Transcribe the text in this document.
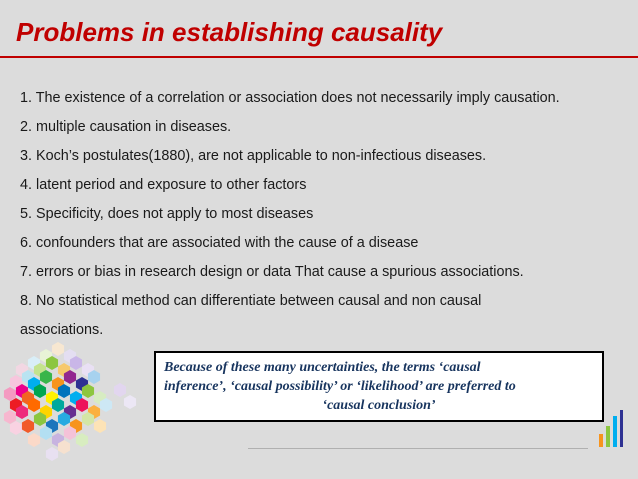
Problems in establishing causality
1. The existence of a correlation or association does not necessarily imply causation.
2. multiple causation in diseases.
3. Koch’s postulates(1880), are not applicable to non-infectious diseases.
4. latent period and exposure to other factors
5. Specificity, does not apply to most diseases
6. confounders that are associated with the cause of a disease
7. errors or bias in research design or data That cause a spurious associations.
8. No statistical method can differentiate between causal and non causal
associations.
Because of these many uncertainties, the terms ‘causal
inference’, ‘causal possibility’ or ‘likelihood’ are preferred to
‘causal conclusion’
